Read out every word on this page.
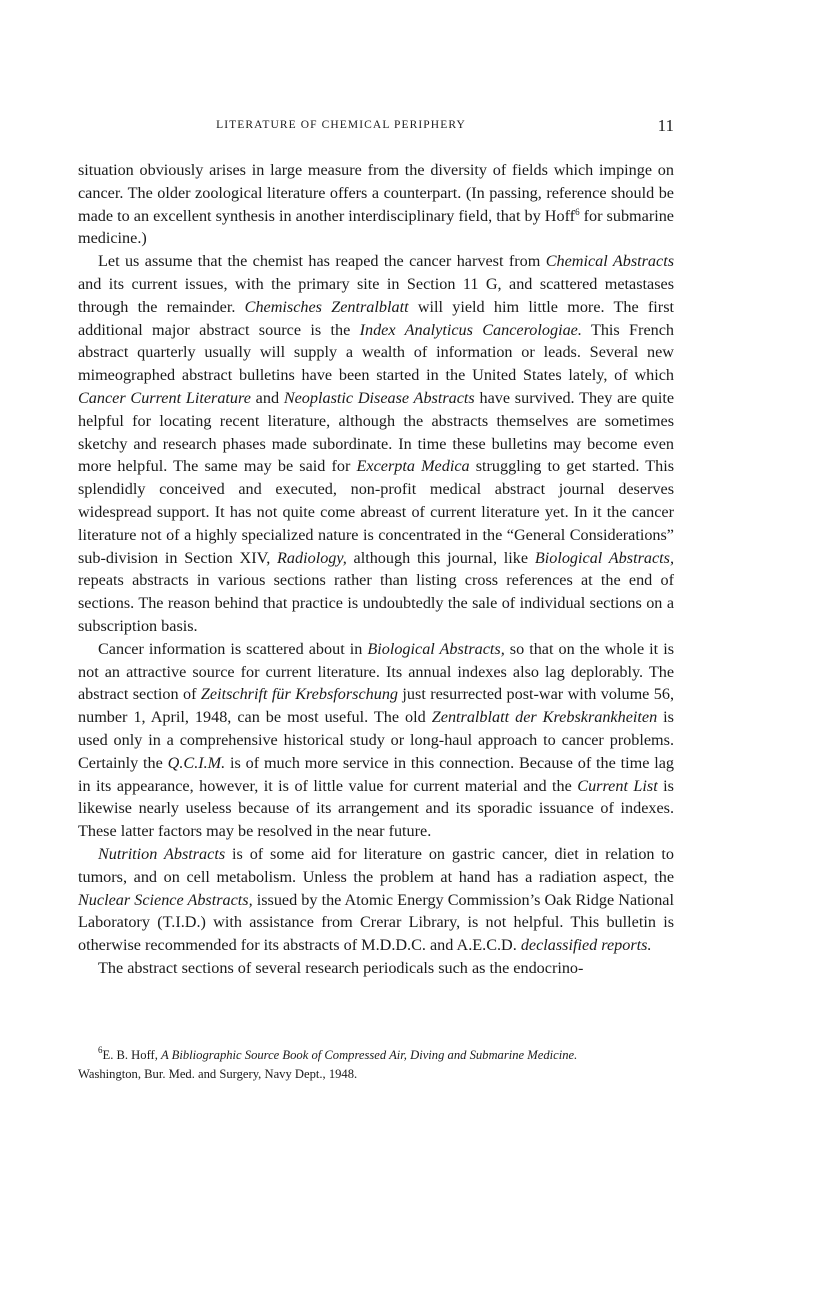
LITERATURE OF CHEMICAL PERIPHERY	11

situation obviously arises in large measure from the diversity of fields which impinge on cancer. The older zoological literature offers a counterpart. (In passing, reference should be made to an excellent synthesis in another interdisciplinary field, that by Hoff$^6$ for submarine medicine.)

Let us assume that the chemist has reaped the cancer harvest from Chemical Abstracts and its current issues, with the primary site in Section 11 G, and scattered metastases through the remainder. Chemisches Zentralblatt will yield him little more. The first additional major abstract source is the Index Analyticus Cancerologiae. This French abstract quarterly usually will supply a wealth of information or leads. Several new mimeographed abstract bulletins have been started in the United States lately, of which Cancer Current Literature and Neoplastic Disease Abstracts have survived. They are quite helpful for locating recent literature, although the abstracts themselves are sometimes sketchy and research phases made subordinate. In time these bulletins may become even more helpful. The same may be said for Excerpta Medica struggling to get started. This splendidly conceived and executed, non-profit medical abstract journal deserves widespread support. It has not quite come abreast of current literature yet. In it the cancer literature not of a highly specialized nature is concentrated in the “General Considerations” sub-division in Section XIV, Radiology, although this journal, like Biological Abstracts, repeats abstracts in various sections rather than listing cross references at the end of sections. The reason behind that practice is undoubtedly the sale of individual sections on a subscription basis.

Cancer information is scattered about in Biological Abstracts, so that on the whole it is not an attractive source for current literature. Its annual indexes also lag deplorably. The abstract section of Zeitschrift für Krebsforschung just resurrected post-war with volume 56, number 1, April, 1948, can be most useful. The old Zentralblatt der Krebskrankheiten is used only in a comprehensive historical study or long-haul approach to cancer problems. Certainly the Q.C.I.M. is of much more service in this connection. Because of the time lag in its appearance, however, it is of little value for current material and the Current List is likewise nearly useless because of its arrangement and its sporadic issuance of indexes. These latter factors may be resolved in the near future.

Nutrition Abstracts is of some aid for literature on gastric cancer, diet in relation to tumors, and on cell metabolism. Unless the problem at hand has a radiation aspect, the Nuclear Science Abstracts, issued by the Atomic Energy Commission’s Oak Ridge National Laboratory (T.I.D.) with assistance from Crerar Library, is not helpful. This bulletin is otherwise recommended for its abstracts of M.D.D.C. and A.E.C.D. declassified reports.

The abstract sections of several research periodicals such as the endocrino-

$^6$E. B. Hoff, A Bibliographic Source Book of Compressed Air, Diving and Submarine Medicine.
Washington, Bur. Med. and Surgery, Navy Dept., 1948.
